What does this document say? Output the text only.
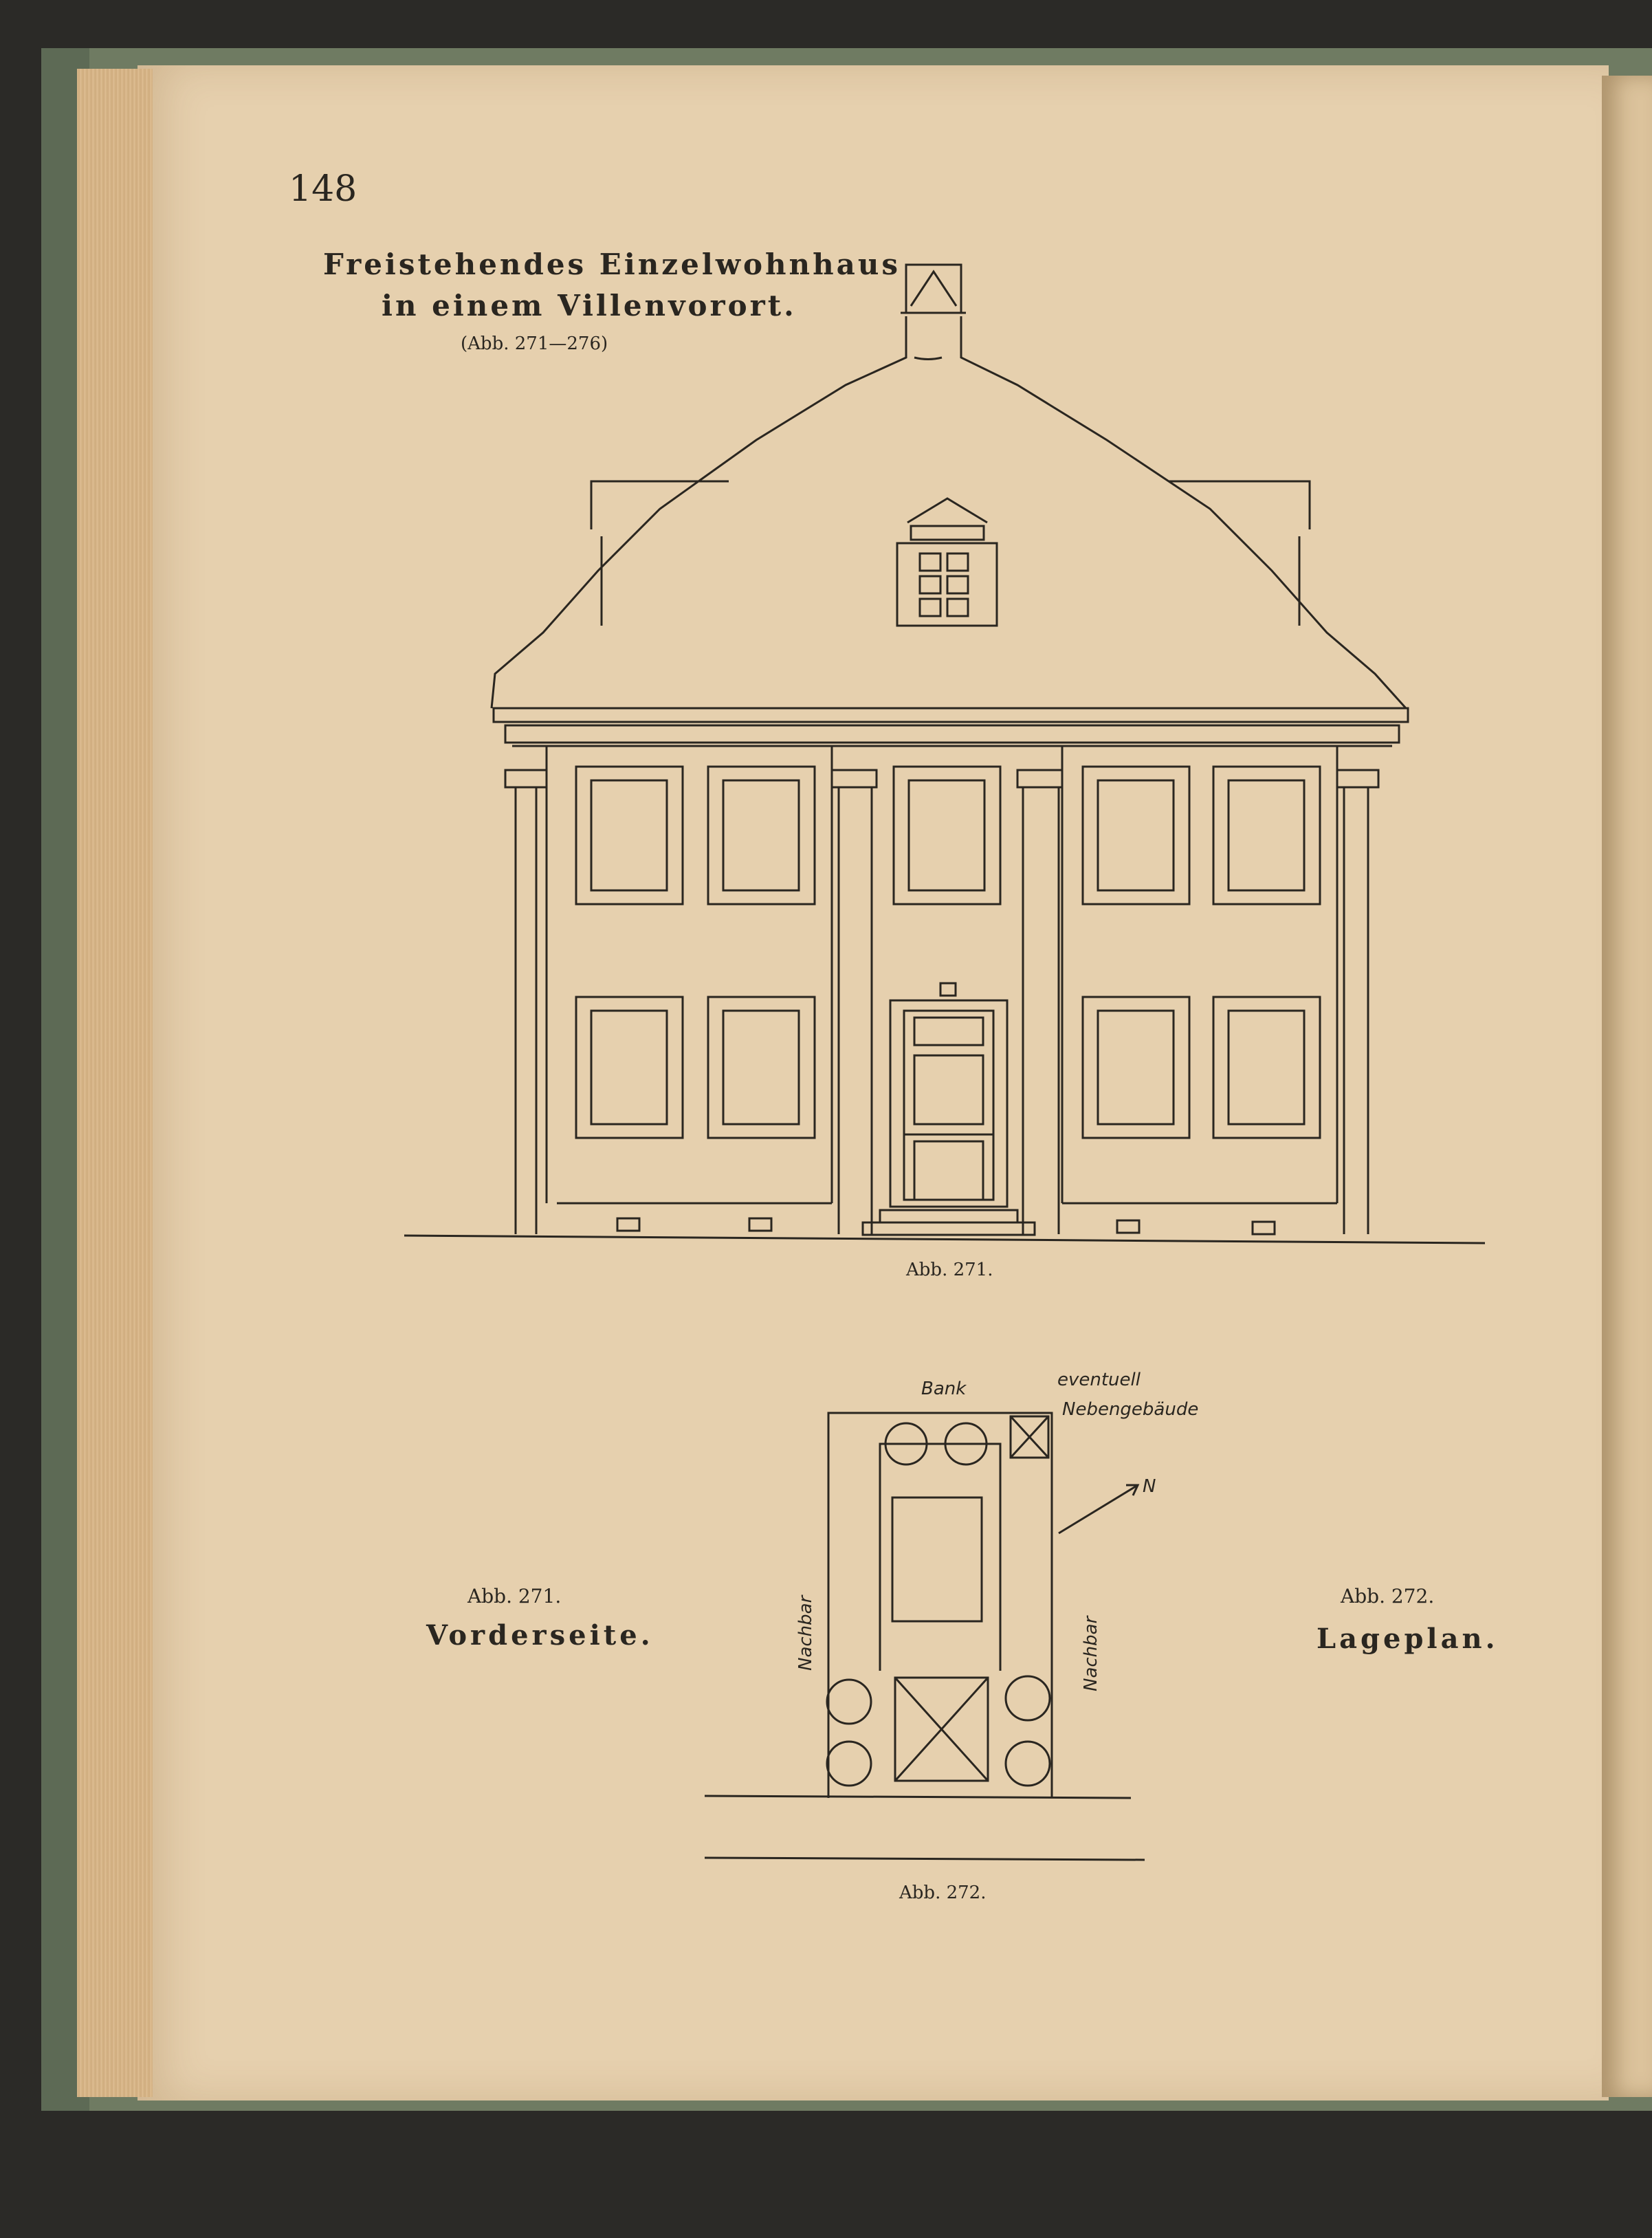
148
Freistehendes Einzelwohnhaus
in einem Villenvorort.
(Abb. 271—276)
Abb. 271.
Abb. 271.
Vorderseite.
Bank	eventuell
Nebengebäude
N
Nachbar	Nachbar
Abb. 272.
Lageplan.
Abb. 272.
